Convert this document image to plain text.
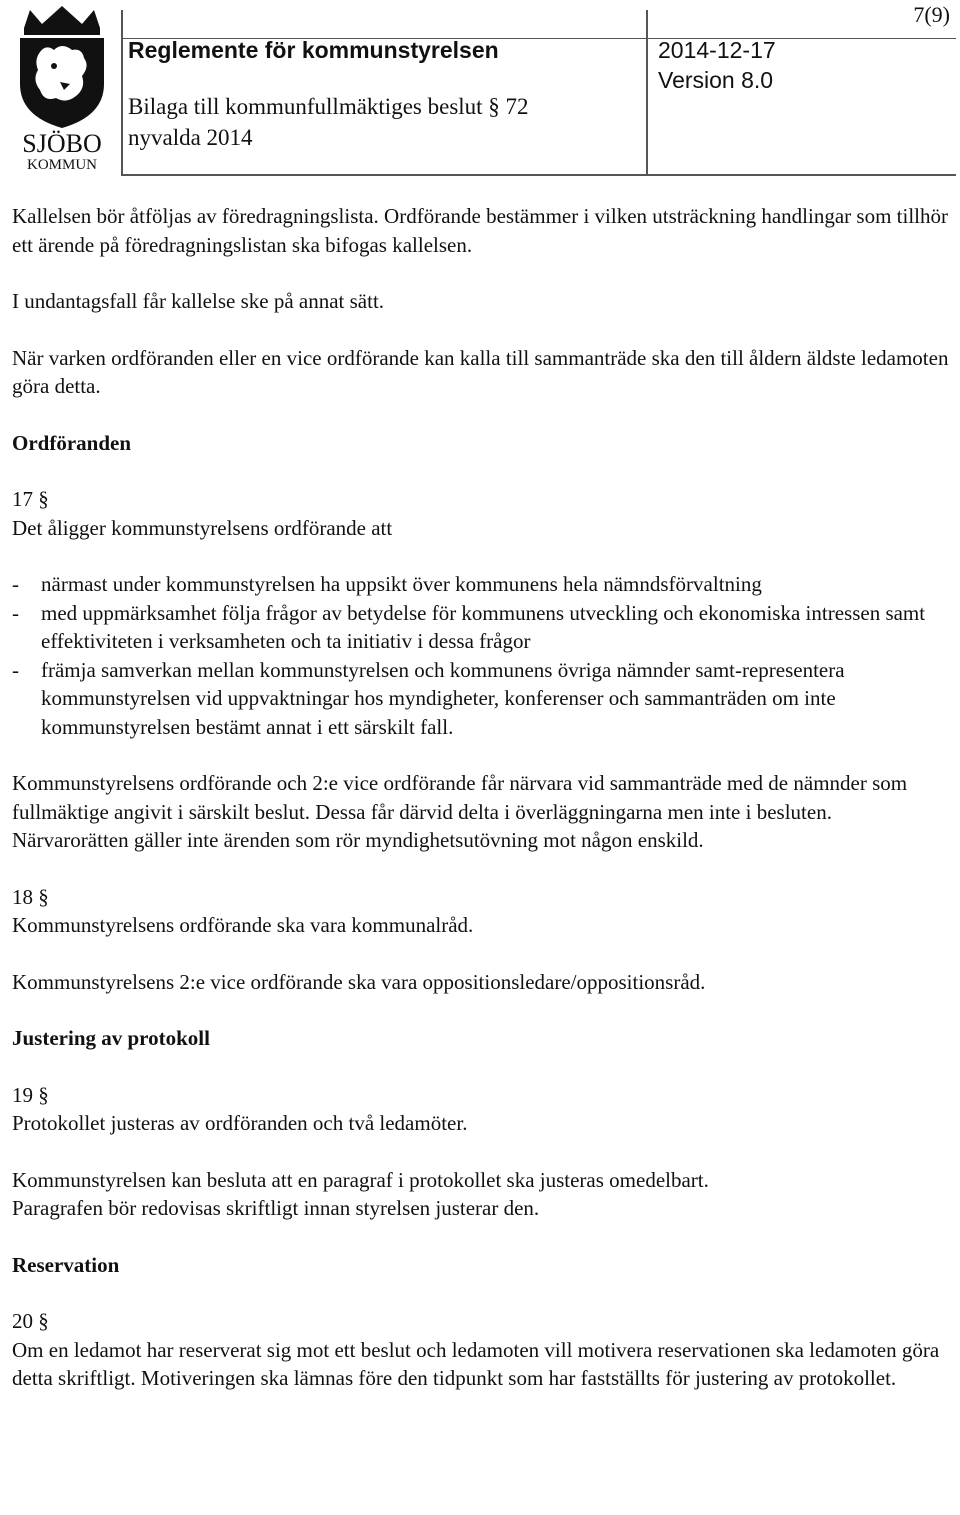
7(9)
SJÖBO
KOMMUN
Reglemente för kommunstyrelsen	2014-12-17
Version 8.0
Bilaga till kommunfullmäktiges beslut § 72
nyvalda 2014

Kallelsen bör åtföljas av föredragningslista. Ordförande bestämmer i vilken utsträckning handlingar som tillhör ett ärende på föredragningslistan ska bifogas kallelsen.

I undantagsfall får kallelse ske på annat sätt.

När varken ordföranden eller en vice ordförande kan kalla till sammanträde ska den till åldern äldste ledamoten göra detta.

Ordföranden
17 §

Det åligger kommunstyrelsens ordförande att

- närmast under kommunstyrelsen ha uppsikt över kommunens hela nämndsförvaltning
- med uppmärksamhet följa frågor av betydelse för kommunens utveckling och ekonomiska intressen samt effektiviteten i verksamheten och ta initiativ i dessa frågor
- främja samverkan mellan kommunstyrelsen och kommunens övriga nämnder samt-representera kommunstyrelsen vid uppvaktningar hos myndigheter, konferenser och sammanträden om inte kommunstyrelsen bestämt annat i ett särskilt fall.

Kommunstyrelsens ordförande och 2:e vice ordförande får närvara vid sammanträde med de nämnder som fullmäktige angivit i särskilt beslut. Dessa får därvid delta i överläggningarna men inte i besluten. Närvarorätten gäller inte ärenden som rör myndighetsutövning mot någon enskild.

18 §

Kommunstyrelsens ordförande ska vara kommunalråd.

Kommunstyrelsens 2:e vice ordförande ska vara oppositionsledare/oppositionsråd.

Justering av protokoll
19 §

Protokollet justeras av ordföranden och två ledamöter.

Kommunstyrelsen kan besluta att en paragraf i protokollet ska justeras omedelbart.

Paragrafen bör redovisas skriftligt innan styrelsen justerar den.

Reservation
20 §

Om en ledamot har reserverat sig mot ett beslut och ledamoten vill motivera reservationen ska ledamoten göra detta skriftligt. Motiveringen ska lämnas före den tidpunkt som har fastställts för justering av protokollet.
